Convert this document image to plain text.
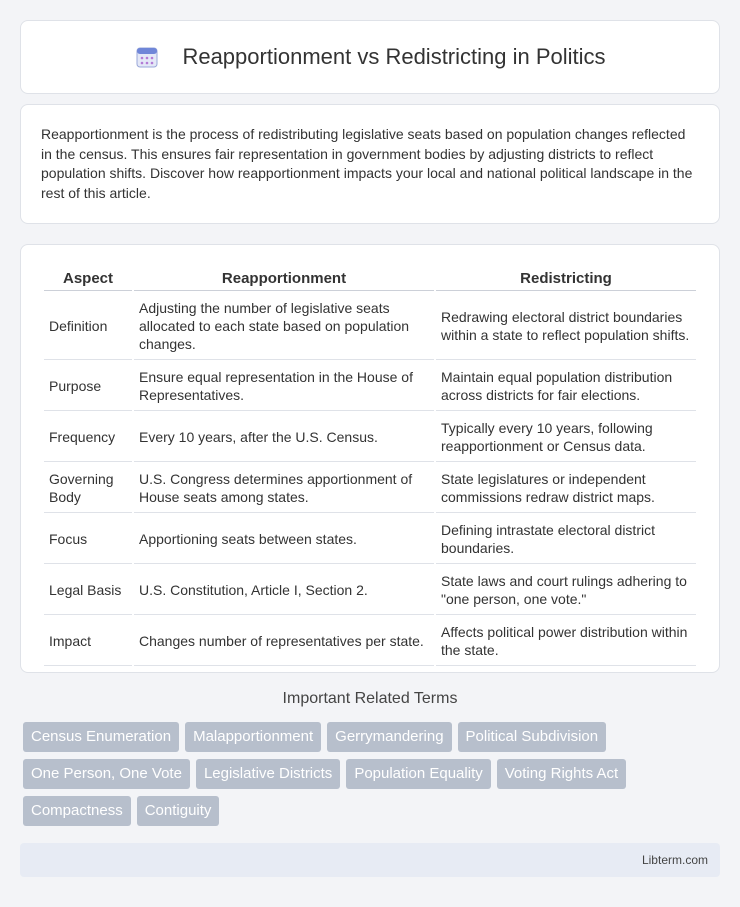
Reapportionment vs Redistricting in Politics

Reapportionment is the process of redistributing legislative seats based on population changes reflected in the census. This ensures fair representation in government bodies by adjusting districts to reflect population shifts. Discover how reapportionment impacts your local and national political landscape in the rest of this article.

Aspect	Reapportionment	Redistricting
Definition	Adjusting the number of legislative seats allocated to each state based on population changes.	Redrawing electoral district boundaries within a state to reflect population shifts.
Purpose	Ensure equal representation in the House of Representatives.	Maintain equal population distribution across districts for fair elections.
Frequency	Every 10 years, after the U.S. Census.	Typically every 10 years, following reapportionment or Census data.
Governing Body	U.S. Congress determines apportionment of House seats among states.	State legislatures or independent commissions redraw district maps.
Focus	Apportioning seats between states.	Defining intrastate electoral district boundaries.
Legal Basis	U.S. Constitution, Article I, Section 2.	State laws and court rulings adhering to "one person, one vote."
Impact	Changes number of representatives per state.	Affects political power distribution within the state.
Important Related Terms
Census Enumeration	Malapportionment	Gerrymandering	Political Subdivision
One Person, One Vote	Legislative Districts	Population Equality	Voting Rights Act
Compactness	Contiguity
Libterm.com
